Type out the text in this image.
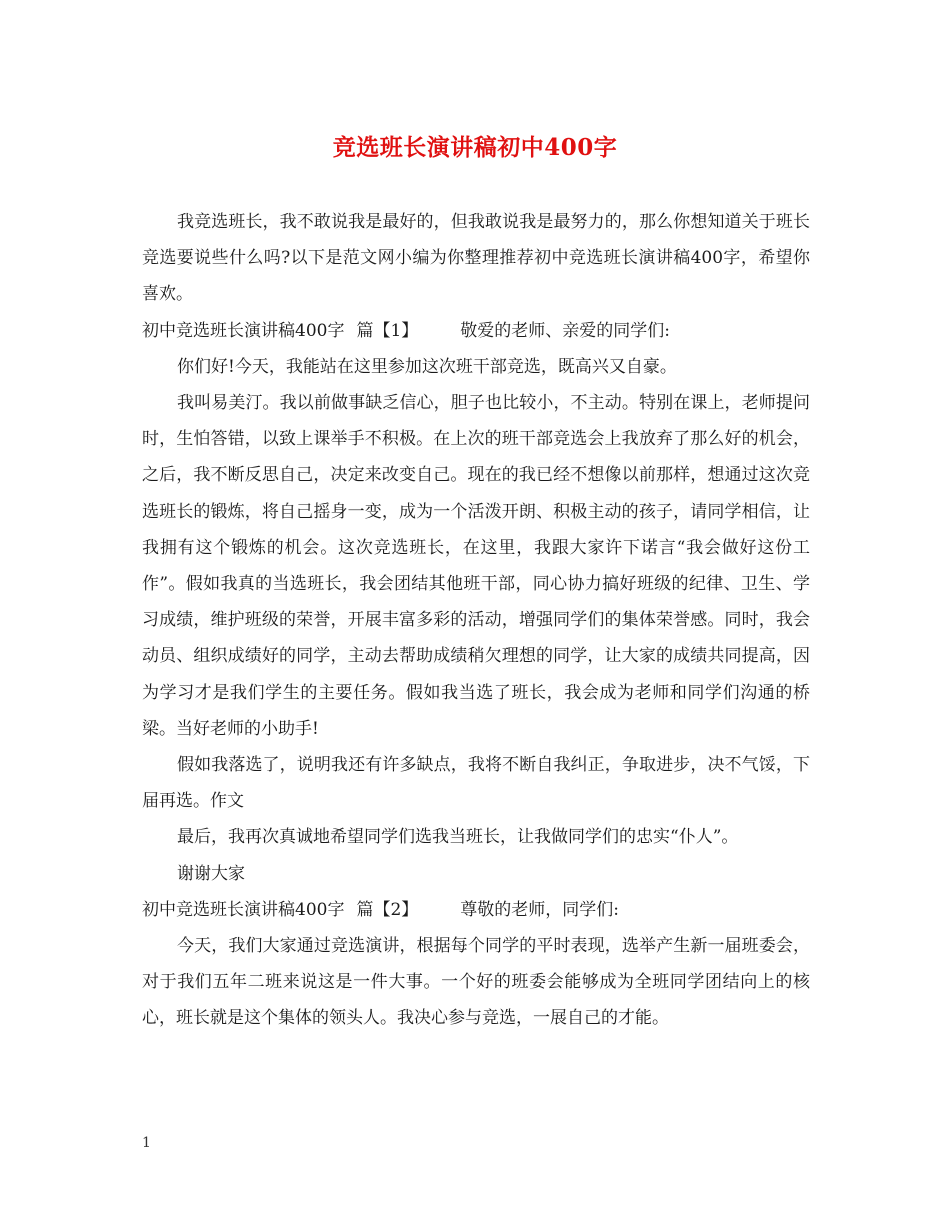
竞选班长演讲稿初中400字

我竞选班长，我不敢说我是最好的，但我敢说我是最努力的，那么你想知道关于班长竞选要说些什么吗?以下是范文网小编为你整理推荐初中竞选班长演讲稿400字，希望你喜欢。

初中竞选班长演讲稿400字 篇【1】 敬爱的老师、亲爱的同学们:

你们好!今天，我能站在这里参加这次班干部竞选，既高兴又自豪。

我叫易美汀。我以前做事缺乏信心，胆子也比较小，不主动。特别在课上，老师提问时，生怕答错，以致上课举手不积极。在上次的班干部竞选会上我放弃了那么好的机会，之后，我不断反思自己，决定来改变自己。现在的我已经不想像以前那样，想通过这次竞选班长的锻炼，将自己摇身一变，成为一个活泼开朗、积极主动的孩子，请同学相信，让我拥有这个锻炼的机会。这次竞选班长，在这里，我跟大家许下诺言“我会做好这份工作”。假如我真的当选班长，我会团结其他班干部，同心协力搞好班级的纪律、卫生、学习成绩，维护班级的荣誉，开展丰富多彩的活动，增强同学们的集体荣誉感。同时，我会动员、组织成绩好的同学，主动去帮助成绩稍欠理想的同学，让大家的成绩共同提高，因为学习才是我们学生的主要任务。假如我当选了班长，我会成为老师和同学们沟通的桥梁。当好老师的小助手!

假如我落选了，说明我还有许多缺点，我将不断自我纠正，争取进步，决不气馁，下届再选。作文

最后，我再次真诚地希望同学们选我当班长，让我做同学们的忠实“仆人”。

谢谢大家

初中竞选班长演讲稿400字 篇【2】 尊敬的老师，同学们:

今天，我们大家通过竞选演讲，根据每个同学的平时表现，选举产生新一届班委会，对于我们五年二班来说这是一件大事。一个好的班委会能够成为全班同学团结向上的核心，班长就是这个集体的领头人。我决心参与竞选，一展自己的才能。

1
